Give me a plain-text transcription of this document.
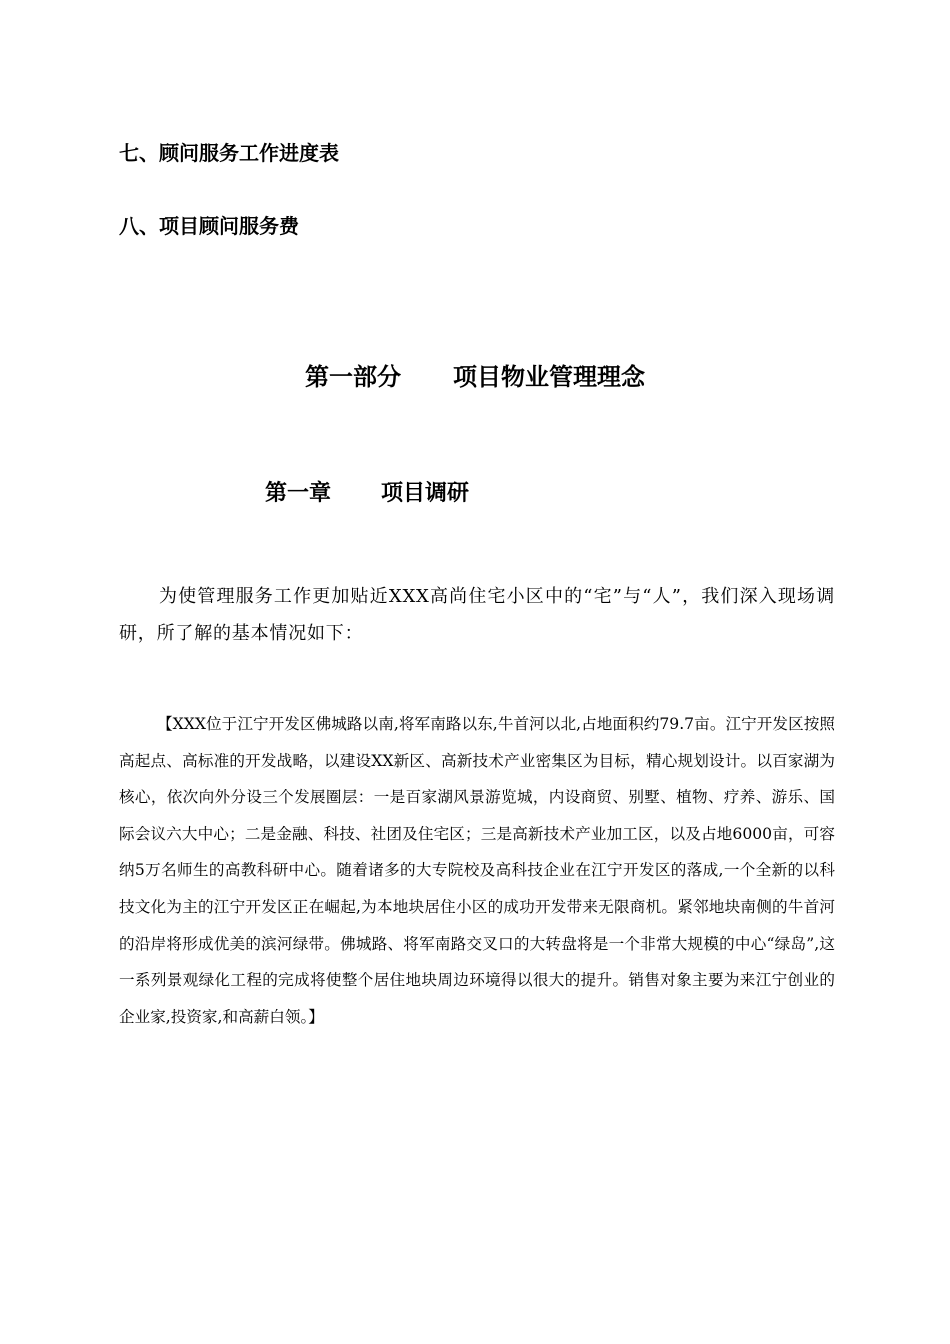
七、顾问服务工作进度表
八、项目顾问服务费
第一部分 项目物业管理理念
第一章 项目调研

为使管理服务工作更加贴近XXX高尚住宅小区中的“宅”与“人”，我们深入现场调研，所了解的基本情况如下：

【XXX位于江宁开发区佛城路以南,将军南路以东,牛首河以北,占地面积约79.7亩。江宁开发区按照高起点、高标准的开发战略，以建设XX新区、高新技术产业密集区为目标，精心规划设计。以百家湖为核心，依次向外分设三个发展圈层：一是百家湖风景游览城，内设商贸、别墅、植物、疗养、游乐、国际会议六大中心；二是金融、科技、社团及住宅区；三是高新技术产业加工区，以及占地6000亩，可容纳5万名师生的高教科研中心。随着诸多的大专院校及高科技企业在江宁开发区的落成,一个全新的以科技文化为主的江宁开发区正在崛起,为本地块居住小区的成功开发带来无限商机。紧邻地块南侧的牛首河的沿岸将形成优美的滨河绿带。佛城路、将军南路交叉口的大转盘将是一个非常大规模的中心“绿岛”,这一系列景观绿化工程的完成将使整个居住地块周边环境得以很大的提升。销售对象主要为来江宁创业的企业家,投资家,和高薪白领。】
